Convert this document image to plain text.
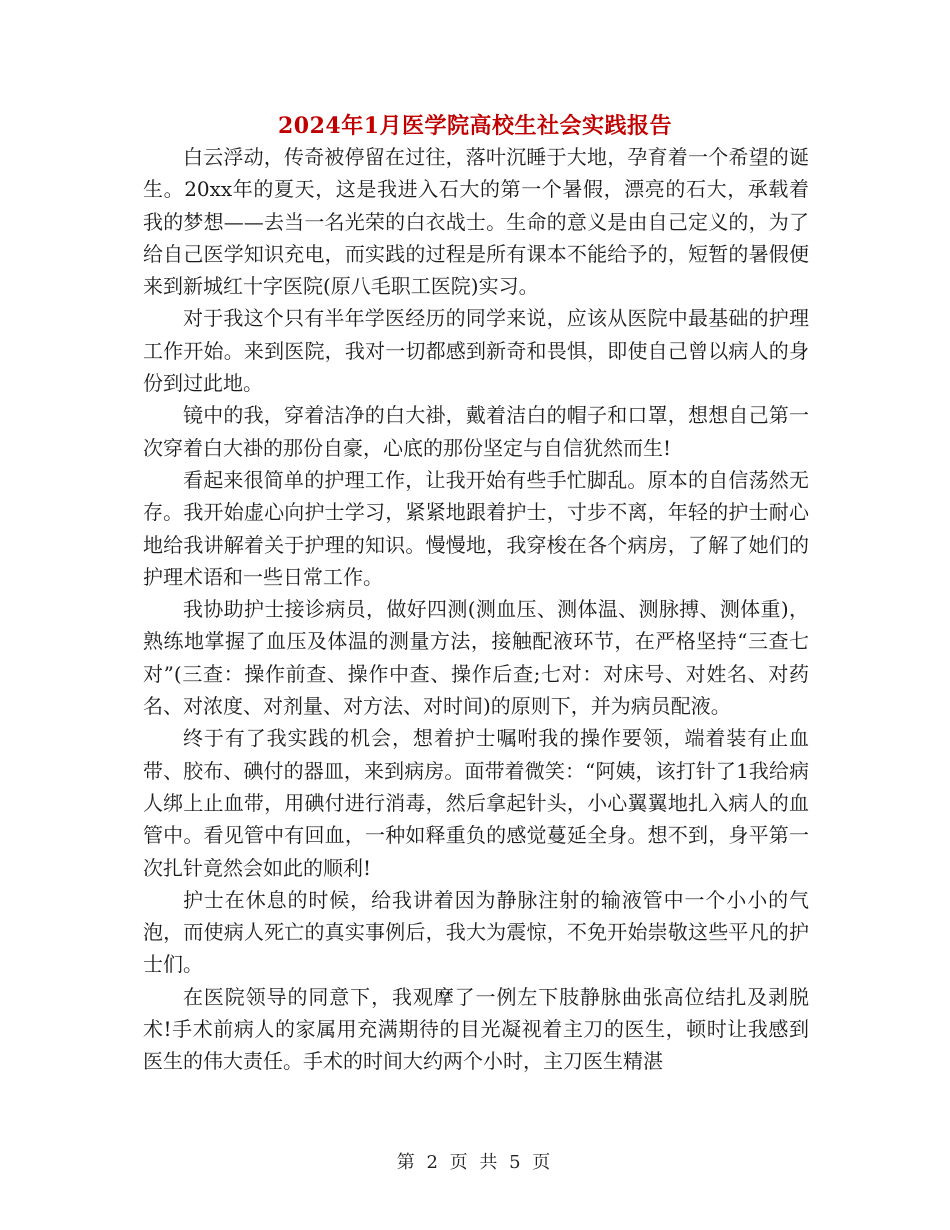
2024年1月医学院高校生社会实践报告

白云浮动，传奇被停留在过往，落叶沉睡于大地，孕育着一个希望的诞生。20xx年的夏天，这是我进入石大的第一个暑假，漂亮的石大，承载着我的梦想——去当一名光荣的白衣战士。生命的意义是由自己定义的，为了给自己医学知识充电，而实践的过程是所有课本不能给予的，短暂的暑假便来到新城红十字医院(原八毛职工医院)实习。

对于我这个只有半年学医经历的同学来说，应该从医院中最基础的护理工作开始。来到医院，我对一切都感到新奇和畏惧，即使自己曾以病人的身份到过此地。

镜中的我，穿着洁净的白大褂，戴着洁白的帽子和口罩，想想自己第一次穿着白大褂的那份自豪，心底的那份坚定与自信犹然而生!

看起来很简单的护理工作，让我开始有些手忙脚乱。原本的自信荡然无存。我开始虚心向护士学习，紧紧地跟着护士，寸步不离，年轻的护士耐心地给我讲解着关于护理的知识。慢慢地，我穿梭在各个病房，了解了她们的护理术语和一些日常工作。

我协助护士接诊病员，做好四测(测血压、测体温、测脉搏、测体重)，熟练地掌握了血压及体温的测量方法，接触配液环节，在严格坚持“三查七对”(三查：操作前查、操作中查、操作后查;七对：对床号、对姓名、对药名、对浓度、对剂量、对方法、对时间)的原则下，并为病员配液。

终于有了我实践的机会，想着护士嘱咐我的操作要领，端着装有止血带、胶布、碘付的器皿，来到病房。面带着微笑：“阿姨，该打针了1我给病人绑上止血带，用碘付进行消毒，然后拿起针头，小心翼翼地扎入病人的血管中。看见管中有回血，一种如释重负的感觉蔓延全身。想不到，身平第一次扎针竟然会如此的顺利!

护士在休息的时候，给我讲着因为静脉注射的输液管中一个小小的气泡，而使病人死亡的真实事例后，我大为震惊，不免开始崇敬这些平凡的护士们。

在医院领导的同意下，我观摩了一例左下肢静脉曲张高位结扎及剥脱术!手术前病人的家属用充满期待的目光凝视着主刀的医生，顿时让我感到医生的伟大责任。手术的时间大约两个小时，主刀医生精湛

第 2 页 共 5 页
